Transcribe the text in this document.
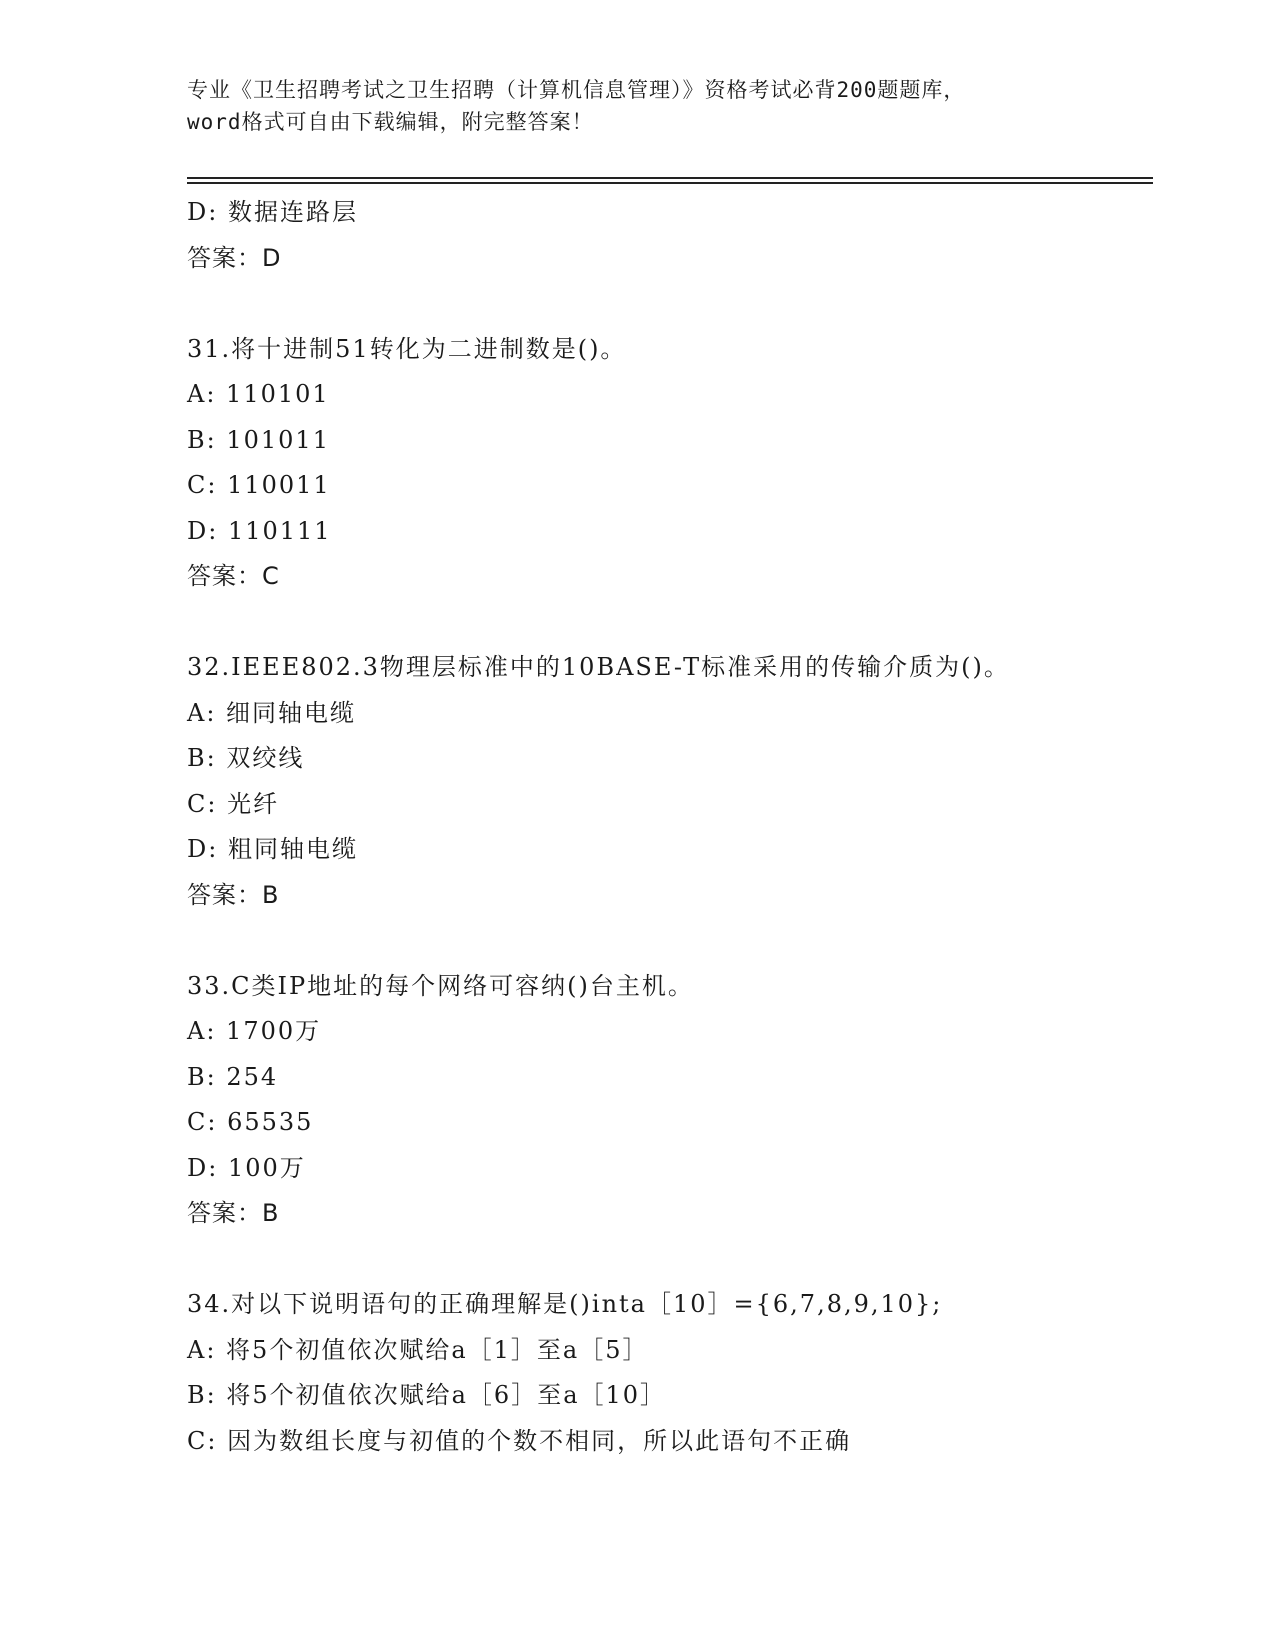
专业《卫生招聘考试之卫生招聘（计算机信息管理）》资格考试必背200题题库，
word格式可自由下载编辑，附完整答案！
D: 数据连路层
答案：D
31.将十进制51转化为二进制数是()。
A: 110101
B: 101011
C: 110011
D: 110111
答案：C
32.IEEE802.3物理层标准中的10BASE-T标准采用的传输介质为()。
A: 细同轴电缆
B: 双绞线
C: 光纤
D: 粗同轴电缆
答案：B
33.C类IP地址的每个网络可容纳()台主机。
A: 1700万
B: 254
C: 65535
D: 100万
答案：B
34.对以下说明语句的正确理解是()inta［10］={6,7,8,9,10};
A: 将5个初值依次赋给a［1］至a［5］
B: 将5个初值依次赋给a［6］至a［10］
C: 因为数组长度与初值的个数不相同，所以此语句不正确
